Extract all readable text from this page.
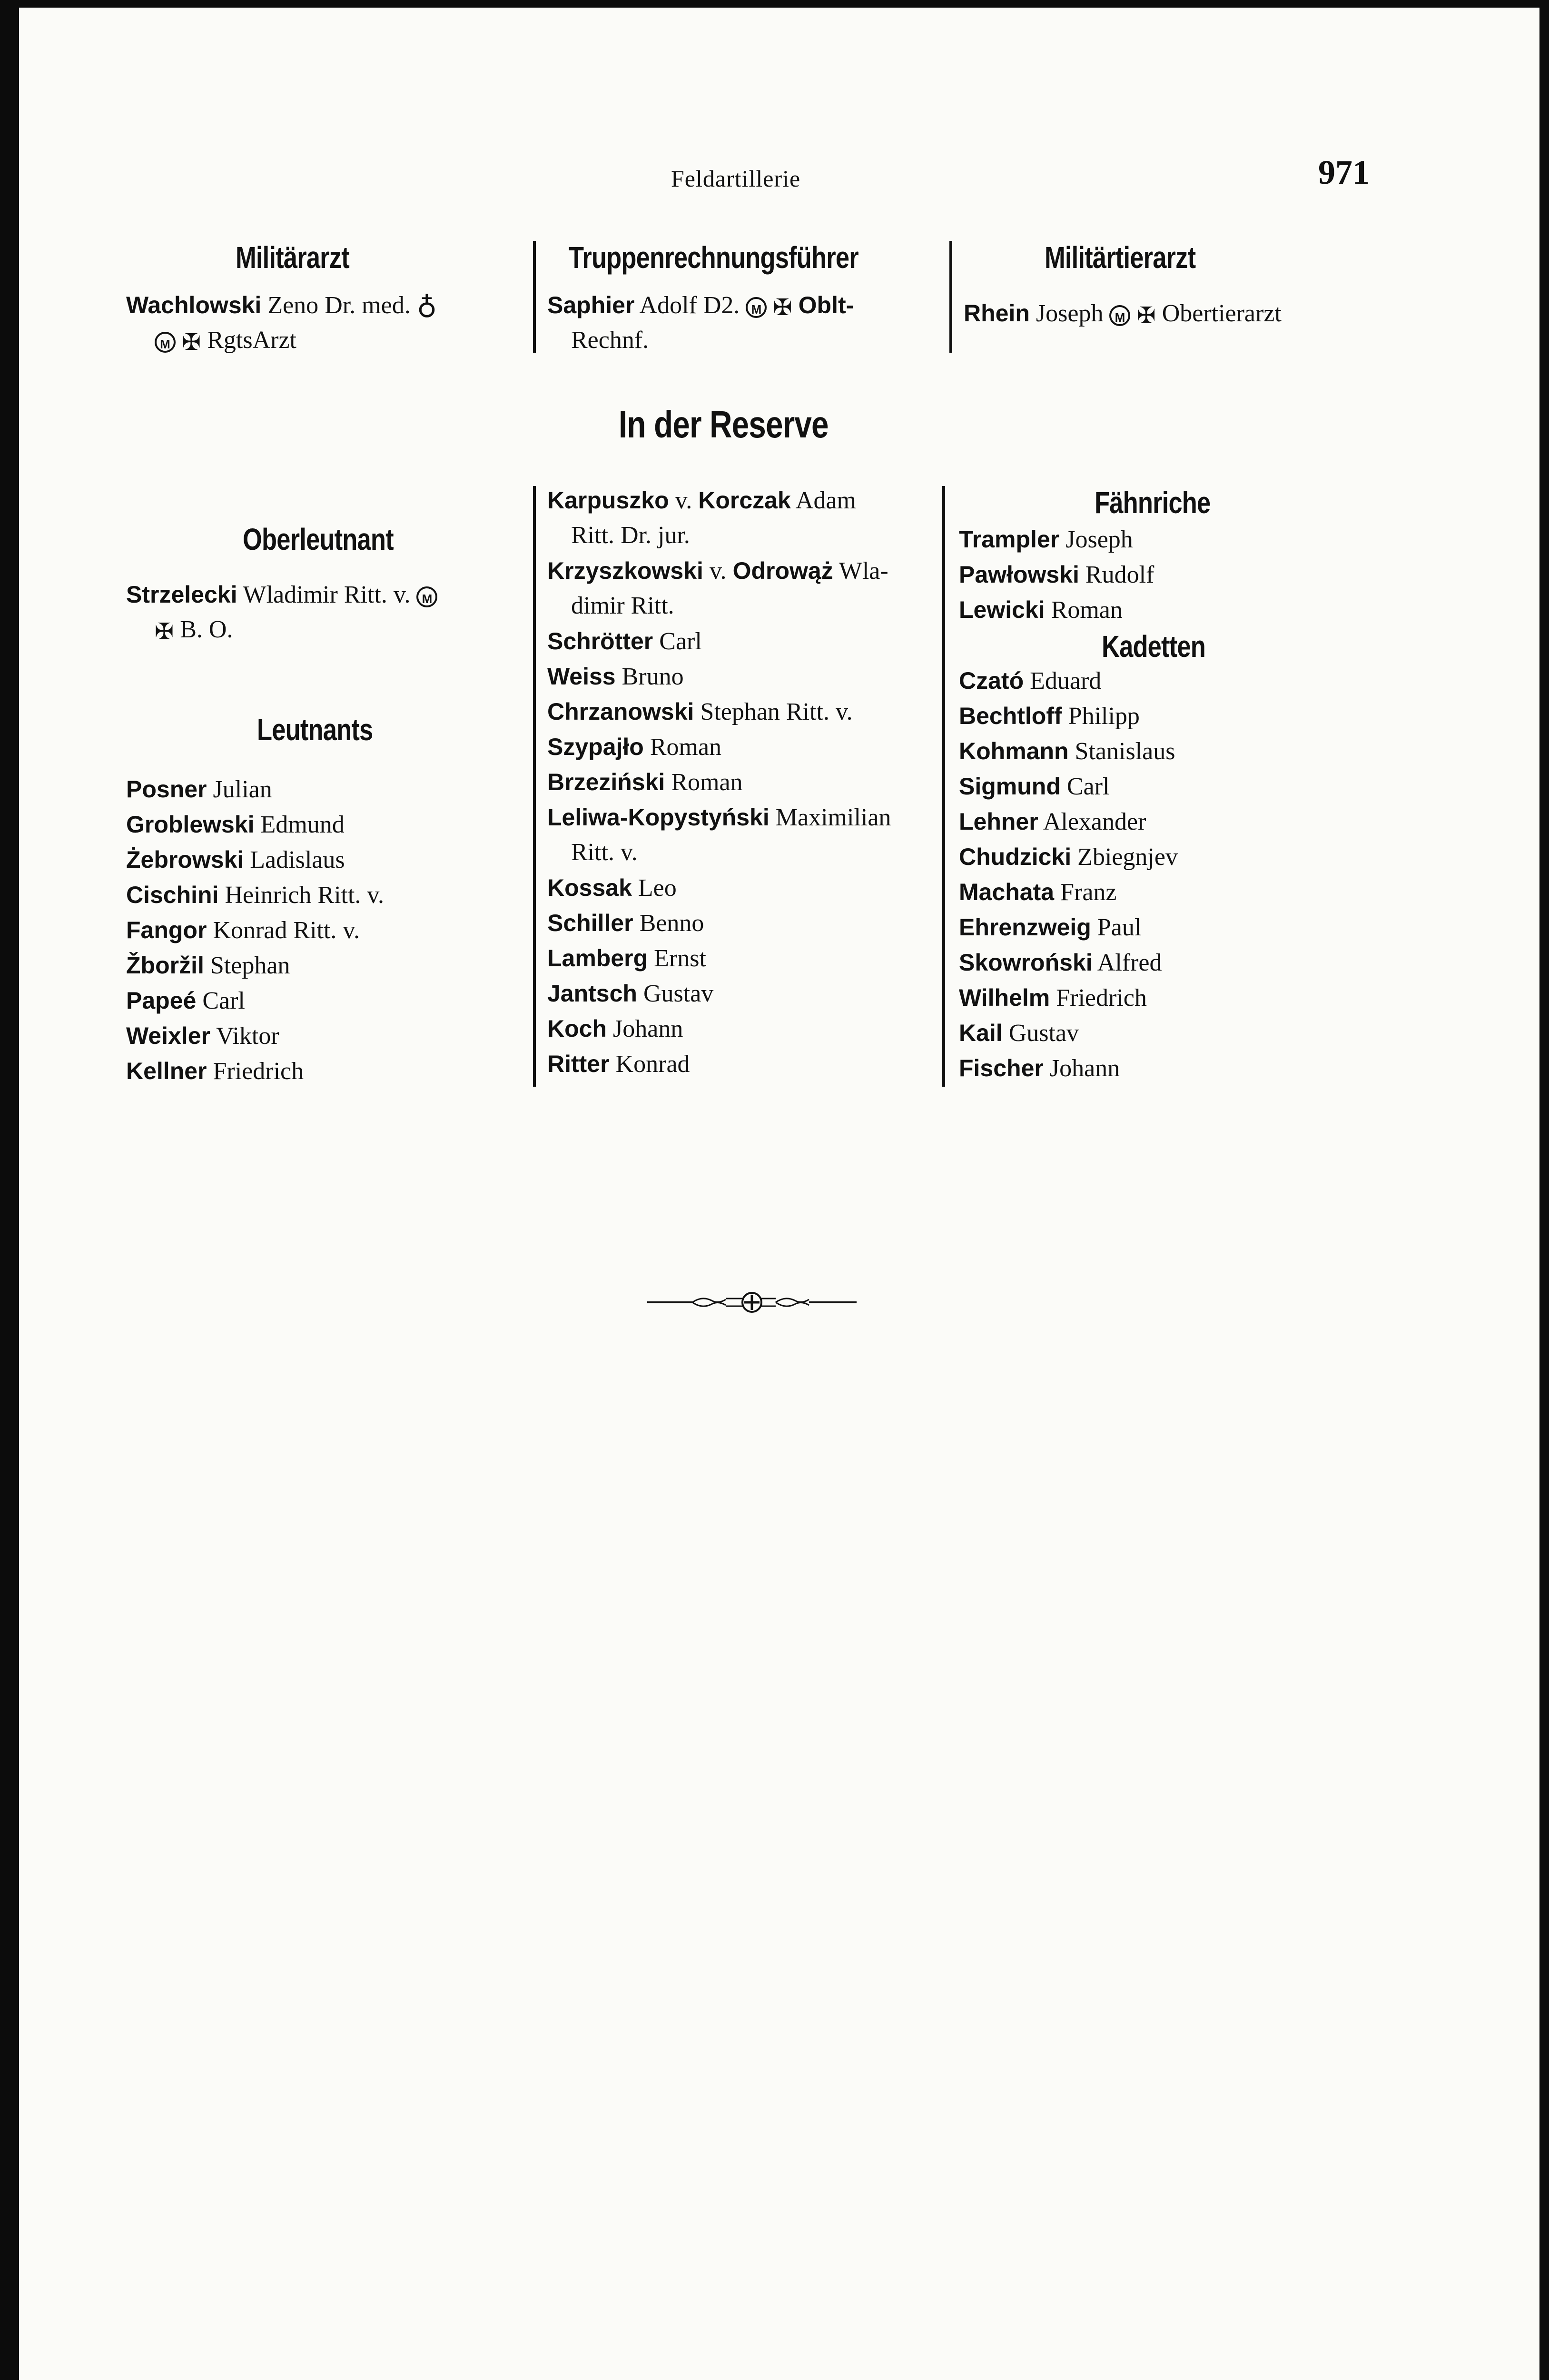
Feldartillerie	971
Militärarzt
Wachlowski Zeno Dr. med. ♁
M ✠ RgtsArzt
Truppenrechnungsführer
Saphier Adolf D2. M ✠ Oblt-
Rechnf.
Militärtierarzt
Rhein Joseph M ✠ Obertierarzt
In der Reserve
Oberleutnant
Strzelecki Wladimir Ritt. v. M
✠ B. O.
Leutnants
Posner Julian
Groblewski Edmund
Żebrowski Ladislaus
Cischini Heinrich Ritt. v.
Fangor Konrad Ritt. v.
Žboržil Stephan
Papeé Carl
Weixler Viktor
Kellner Friedrich
Karpuszko v. Korczak Adam
Ritt. Dr. jur.
Krzyszkowski v. Odrowąż Wla-
dimir Ritt.
Schrötter Carl
Weiss Bruno
Chrzanowski Stephan Ritt. v.
Szypajło Roman
Brzeziński Roman
Leliwa-Kopystyński Maximilian
Ritt. v.
Kossak Leo
Schiller Benno
Lamberg Ernst
Jantsch Gustav
Koch Johann
Ritter Konrad
Fähnriche
Trampler Joseph
Pawłowski Rudolf
Lewicki Roman
Kadetten
Czató Eduard
Bechtloff Philipp
Kohmann Stanislaus
Sigmund Carl
Lehner Alexander
Chudzicki Zbiegnjev
Machata Franz
Ehrenzweig Paul
Skowroński Alfred
Wilhelm Friedrich
Kail Gustav
Fischer Johann
